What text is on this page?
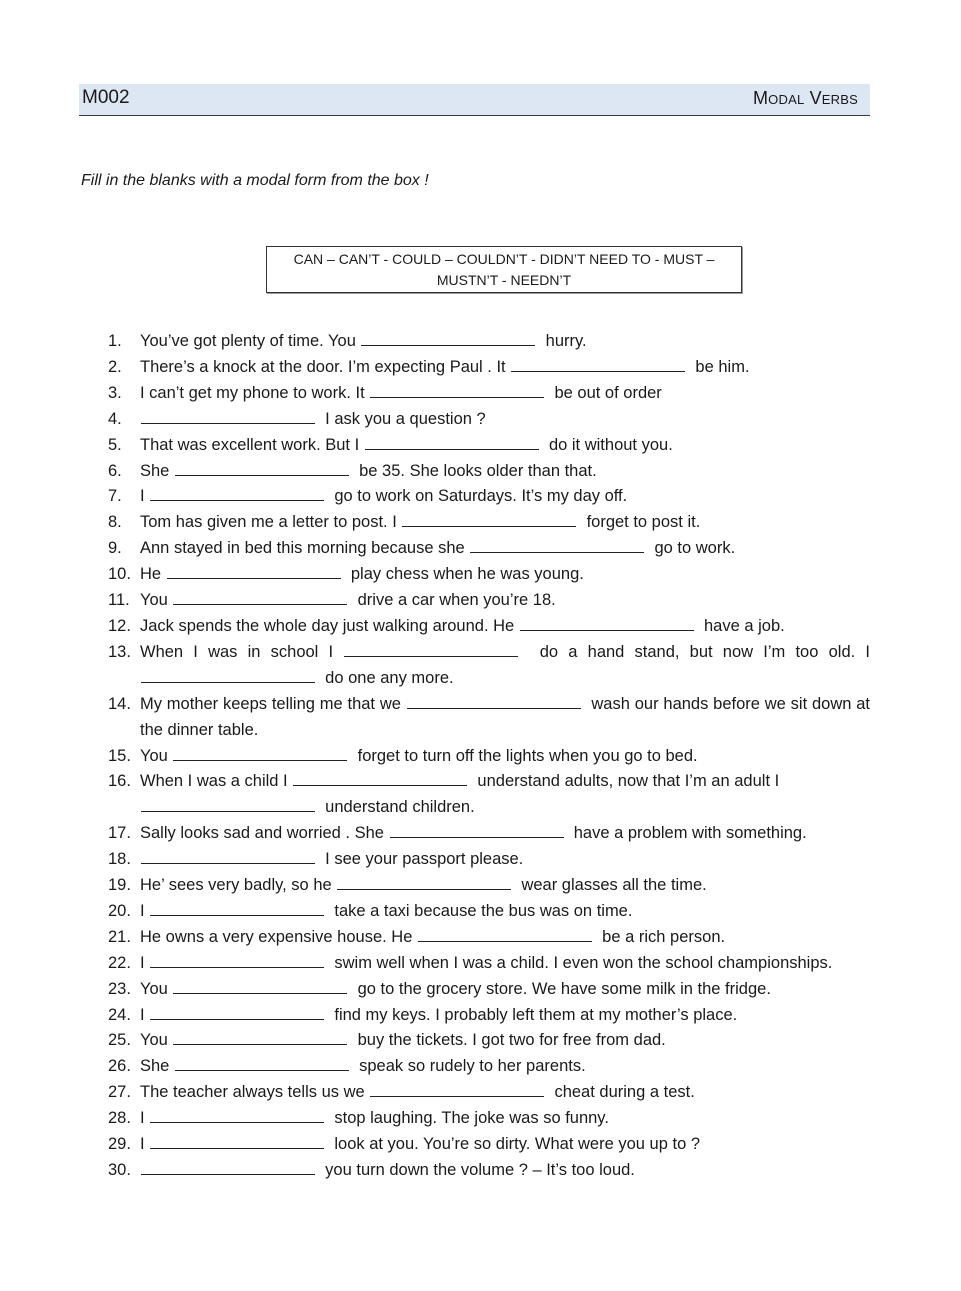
M002	Modal Verbs
Fill in the blanks with a modal form from the box !
CAN – CAN’T - COULD – COULDN’T - DIDN’T NEED TO - MUST –
MUSTN’T - NEEDN’T
1.	You’ve got plenty of time. You	hurry.
2.	There’s a knock at the door. I’m expecting Paul . It	be him.
3.	I can’t get my phone to work. It	be out of order
4.	I ask you a question ?
5.	That was excellent work. But I	do it without you.
6.	She	be 35. She looks older than that.
7.	I	go to work on Saturdays. It’s my day off.
8.	Tom has given me a letter to post. I	forget to post it.
9.	Ann stayed in bed this morning because she	go to work.
10. He	play chess when he was young.
11. You	drive a car when you’re 18.
12. Jack spends the whole day just walking around. He	have a job.
13. When I was in school I	do a hand stand, but now I’m too old. I   do one any more.
14. My mother keeps telling me that we	wash our hands before we sit down at the dinner table.
15. You	forget to turn off the lights when you go to bed.
16. When I was a child I	understand adults, now that I’m an adult I   understand children.
17. Sally looks sad and worried . She	have a problem with something.
18.	I see your passport please.
19. He’ sees very badly, so he	wear glasses all the time.
20. I	take a taxi because the bus was on time.
21. He owns a very expensive house. He	be a rich person.
22. I	swim well when I was a child. I even won the school championships.
23. You	go to the grocery store. We have some milk in the fridge.
24. I	find my keys. I probably left them at my mother’s place.
25. You	buy the tickets. I got two for free from dad.
26. She	speak so rudely to her parents.
27. The teacher always tells us we	cheat during a test.
28. I	stop laughing. The joke was so funny.
29. I	look at you. You’re so dirty. What were you up to ?
30.	you turn down the volume ? – It’s too loud.
